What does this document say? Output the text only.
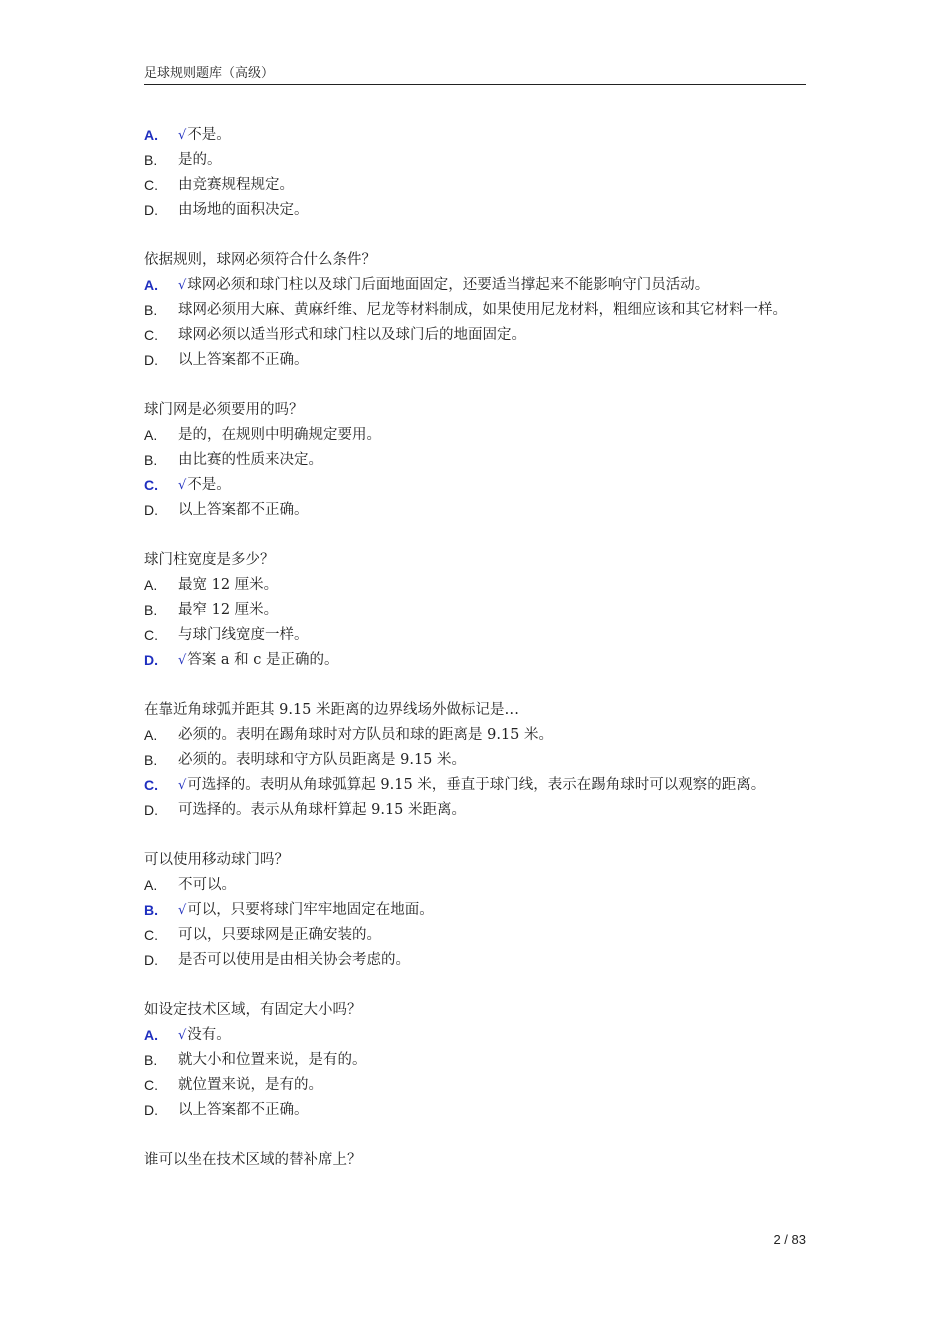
足球规则题库（高级）
A.	√不是。
B.	是的。
C.	由竞赛规程规定。
D.	由场地的面积决定。
依据规则，球网必须符合什么条件？
A.	√球网必须和球门柱以及球门后面地面固定，还要适当撑起来不能影响守门员活动。
B.	球网必须用大麻、黄麻纤维、尼龙等材料制成，如果使用尼龙材料，粗细应该和其它材料一样。
C.	球网必须以适当形式和球门柱以及球门后的地面固定。
D.	以上答案都不正确。
球门网是必须要用的吗？
A.	是的，在规则中明确规定要用。
B.	由比赛的性质来决定。
C.	√不是。
D.	以上答案都不正确。
球门柱宽度是多少？
A.	最宽 12 厘米。
B.	最窄 12 厘米。
C.	与球门线宽度一样。
D.	√答案 a 和 c 是正确的。
在靠近角球弧并距其 9.15 米距离的边界线场外做标记是…
A.	必须的。表明在踢角球时对方队员和球的距离是 9.15 米。
B.	必须的。表明球和守方队员距离是 9.15 米。
C.	√可选择的。表明从角球弧算起 9.15 米，垂直于球门线，表示在踢角球时可以观察的距离。
D.	可选择的。表示从角球杆算起 9.15 米距离。
可以使用移动球门吗？
A.	不可以。
B.	√可以，只要将球门牢牢地固定在地面。
C.	可以，只要球网是正确安装的。
D.	是否可以使用是由相关协会考虑的。
如设定技术区域，有固定大小吗？
A.	√没有。
B.	就大小和位置来说，是有的。
C.	就位置来说，是有的。
D.	以上答案都不正确。
谁可以坐在技术区域的替补席上？
2 / 83
